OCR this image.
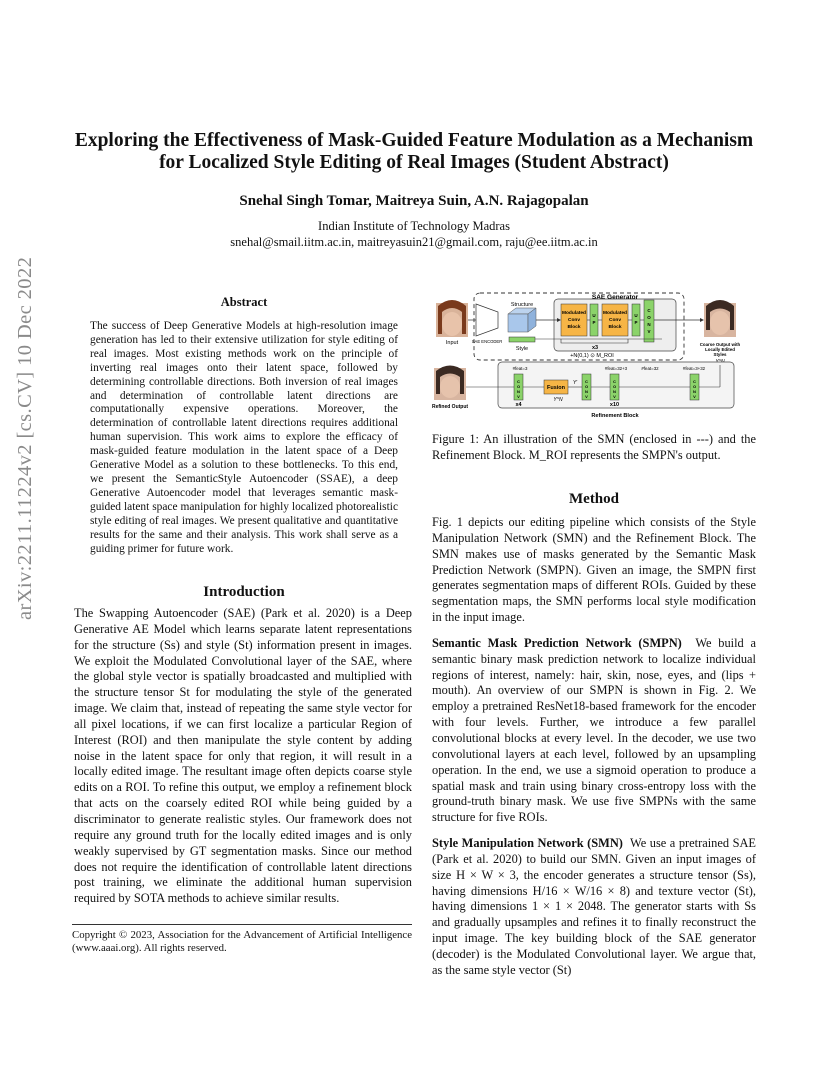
arXiv:2211.11224v2 [cs.CV] 10 Dec 2022
Exploring the Effectiveness of Mask-Guided Feature Modulation as a Mechanism for Localized Style Editing of Real Images (Student Abstract)
Snehal Singh Tomar, Maitreya Suin, A.N. Rajagopalan
Indian Institute of Technology Madras
snehal@smail.iitm.ac.in, maitreyasuin21@gmail.com, raju@ee.iitm.ac.in
Abstract
The success of Deep Generative Models at high-resolution image generation has led to their extensive utilization for style editing of real images. Most existing methods work on the principle of inverting real images onto their latent space, followed by determining controllable directions. Both inversion of real images and determination of controllable latent directions are computationally expensive operations. Moreover, the determination of controllable latent directions requires additional human supervision. This work aims to explore the efficacy of mask-guided feature modulation in the latent space of a Deep Generative Model as a solution to these bottlenecks. To this end, we present the SemanticStyle Autoencoder (SSAE), a deep Generative Autoencoder model that leverages semantic mask-guided latent space manipulation for highly localized photorealistic style editing of real images. We present qualitative and quantitative results for the same and their analysis. This work shall serve as a guiding primer for future work.
Introduction

The Swapping Autoencoder (SAE) (Park et al. 2020) is a Deep Generative AE Model which learns separate latent representations for the structure (Ss) and style (St) information present in images. We exploit the Modulated Convolutional layer of the SAE, where the global style vector is spatially broadcasted and multiplied with the structure tensor St for modulating the style of the generated image. We claim that, instead of repeating the same style vector for all pixel locations, if we can first localize a particular Region of Interest (ROI) and then manipulate the style content by adding noise in the latent space for only that region, it will result in a locally edited image. The resultant image often depicts coarse style edits on a ROI. To refine this output, we employ a refinement block that acts on the coarsely edited ROI while being guided by a discriminator to generate realistic styles. Our framework does not require any ground truth for the locally edited images and is only weakly supervised by GT segmentation masks. Since our method does not require the identification of controllable latent directions post training, we eliminate the additional human supervision required by SOTA methods to achieve similar results.

Copyright © 2023, Association for the Advancement of Artificial Intelligence (www.aaai.org). All rights reserved.
SAE Generator
Input	SAE ENCODER
Structure
Style
Modulated
Conv
Block
U
P
Modulated
Conv
Block
U
P
C
O
N
V
x3
+N(0,1) ⊙ M_ROI
Coarse Output with
Locally Edited
Styles
Refinement Block
#feat=3	#feat=32+3	#feat=32	#feat=3+32
Refined Output
C
O
N
V
C
O
N
V
C
O
N
V
C
O
N
V
Fusion
Y'
Y^N
x4	x10
Figure 1: An illustration of the SMN (enclosed in ---) and the Refinement Block. M_ROI represents the SMPN's output.
Method

Fig. 1 depicts our editing pipeline which consists of the Style Manipulation Network (SMN) and the Refinement Block. The SMN makes use of masks generated by the Semantic Mask Prediction Network (SMPN). Given an image, the SMPN first generates segmentation maps of different ROIs. Guided by these segmentation maps, the SMN performs local style modification in the input image.

Semantic Mask Prediction Network (SMPN) We build a semantic binary mask prediction network to localize individual regions of interest, namely: hair, skin, nose, eyes, and (lips + mouth). An overview of our SMPN is shown in Fig. 2. We employ a pretrained ResNet18-based framework for the encoder with four levels. Further, we introduce a few parallel convolutional blocks at every level. In the decoder, we use two convolutional layers at each level, followed by an upsampling operation. In the end, we use a sigmoid operation to produce a spatial mask and train using binary cross-entropy loss with the ground-truth binary mask. We use five SMPNs with the same structure for five ROIs.

Style Manipulation Network (SMN) We use a pretrained SAE (Park et al. 2020) to build our SMN. Given an input images of size H × W × 3, the encoder generates a structure tensor (Ss), having dimensions H/16 × W/16 × 8) and texture vector (St), having dimensions 1 × 1 × 2048. The generator starts with Ss and gradually upsamples and refines it to finally reconstruct the input image. The key building block of the SAE generator (decoder) is the Modulated Convolutional layer. We argue that, as the same style vector (St)
